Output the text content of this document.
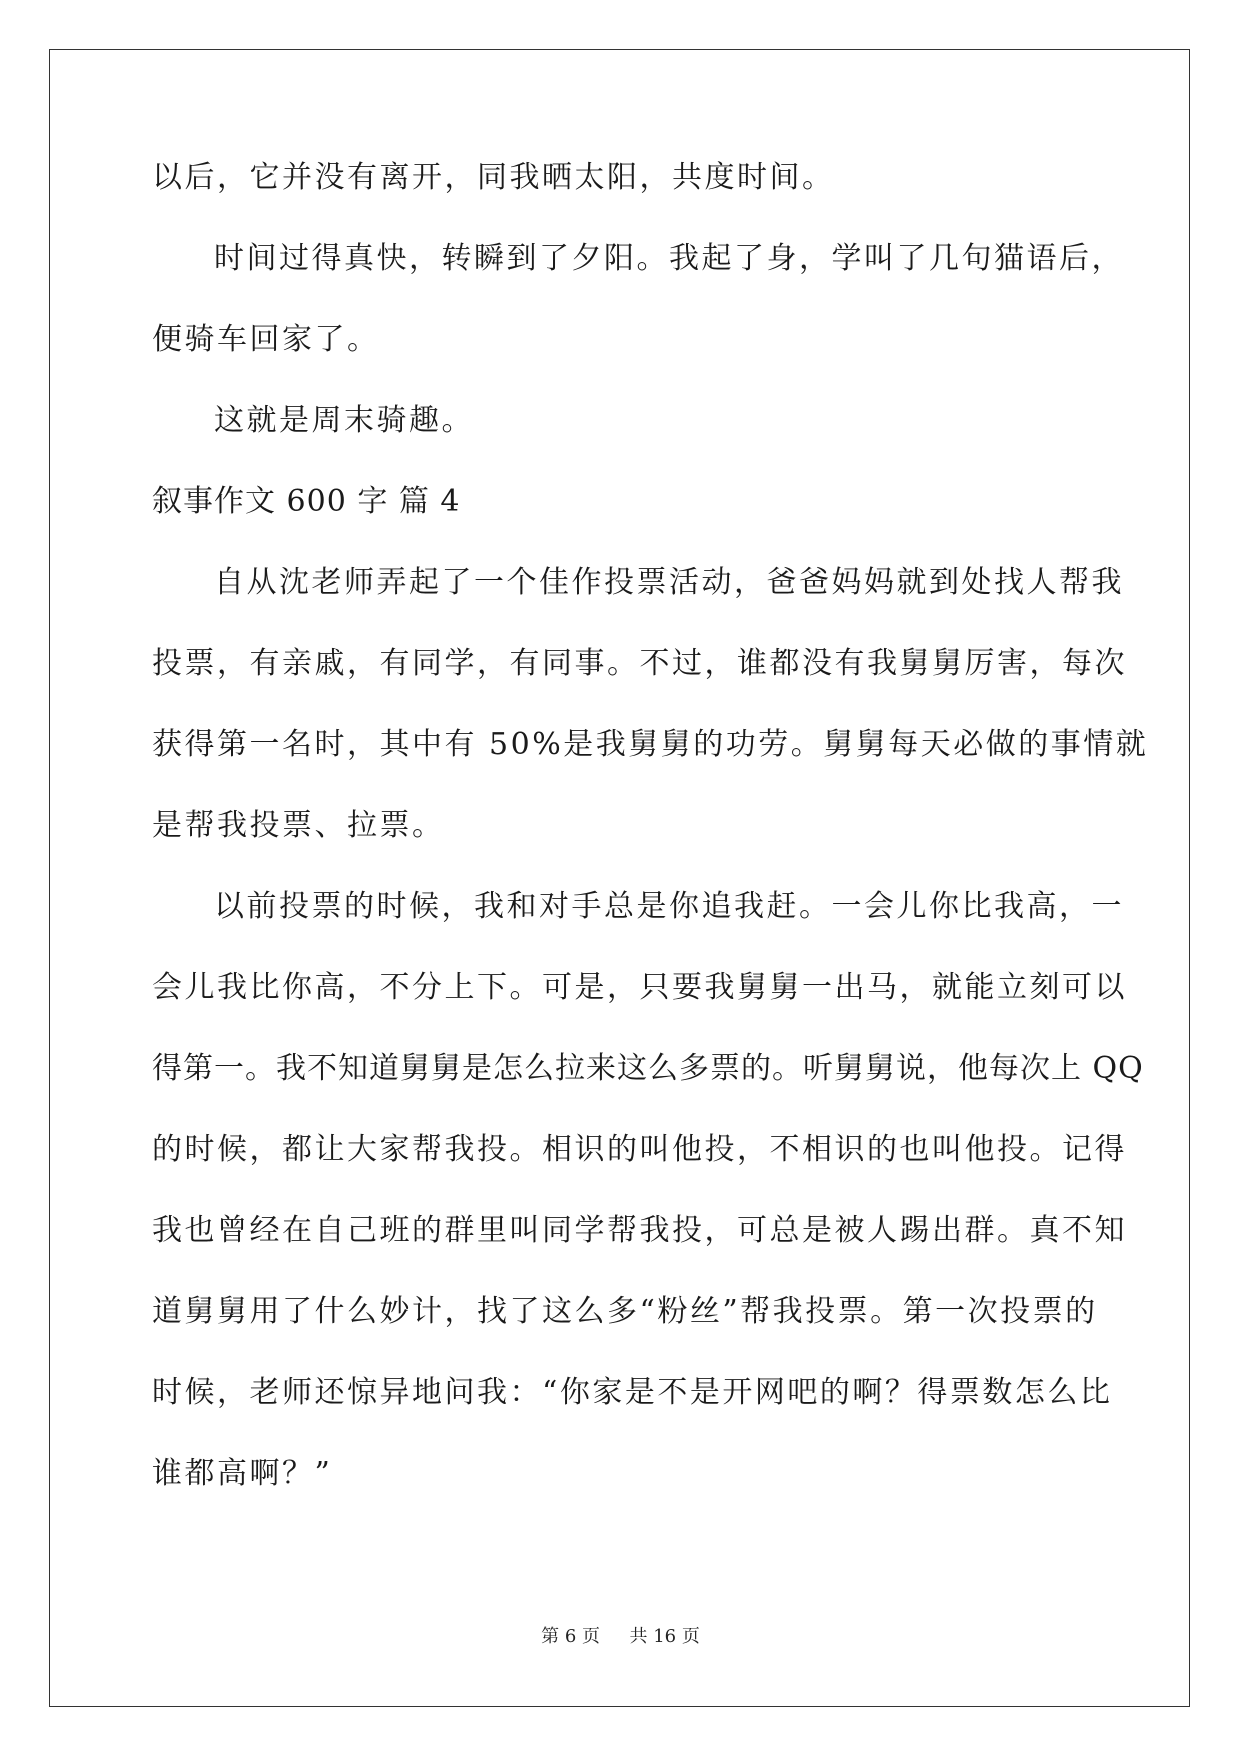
以后，它并没有离开，同我晒太阳，共度时间。
时间过得真快，转瞬到了夕阳。我起了身，学叫了几句猫语后，
便骑车回家了。
这就是周末骑趣。
叙事作文 600 字 篇 4
自从沈老师弄起了一个佳作投票活动，爸爸妈妈就到处找人帮我
投票，有亲戚，有同学，有同事。不过，谁都没有我舅舅厉害，每次
获得第一名时，其中有 50%是我舅舅的功劳。舅舅每天必做的事情就
是帮我投票、拉票。
以前投票的时候，我和对手总是你追我赶。一会儿你比我高，一
会儿我比你高，不分上下。可是，只要我舅舅一出马，就能立刻可以
得第一。我不知道舅舅是怎么拉来这么多票的。听舅舅说，他每次上 QQ
的时候，都让大家帮我投。相识的叫他投，不相识的也叫他投。记得
我也曾经在自己班的群里叫同学帮我投，可总是被人踢出群。真不知
道舅舅用了什么妙计，找了这么多“粉丝”帮我投票。第一次投票的
时候，老师还惊异地问我：“你家是不是开网吧的啊？得票数怎么比
谁都高啊？”
第 6 页 共 16 页
